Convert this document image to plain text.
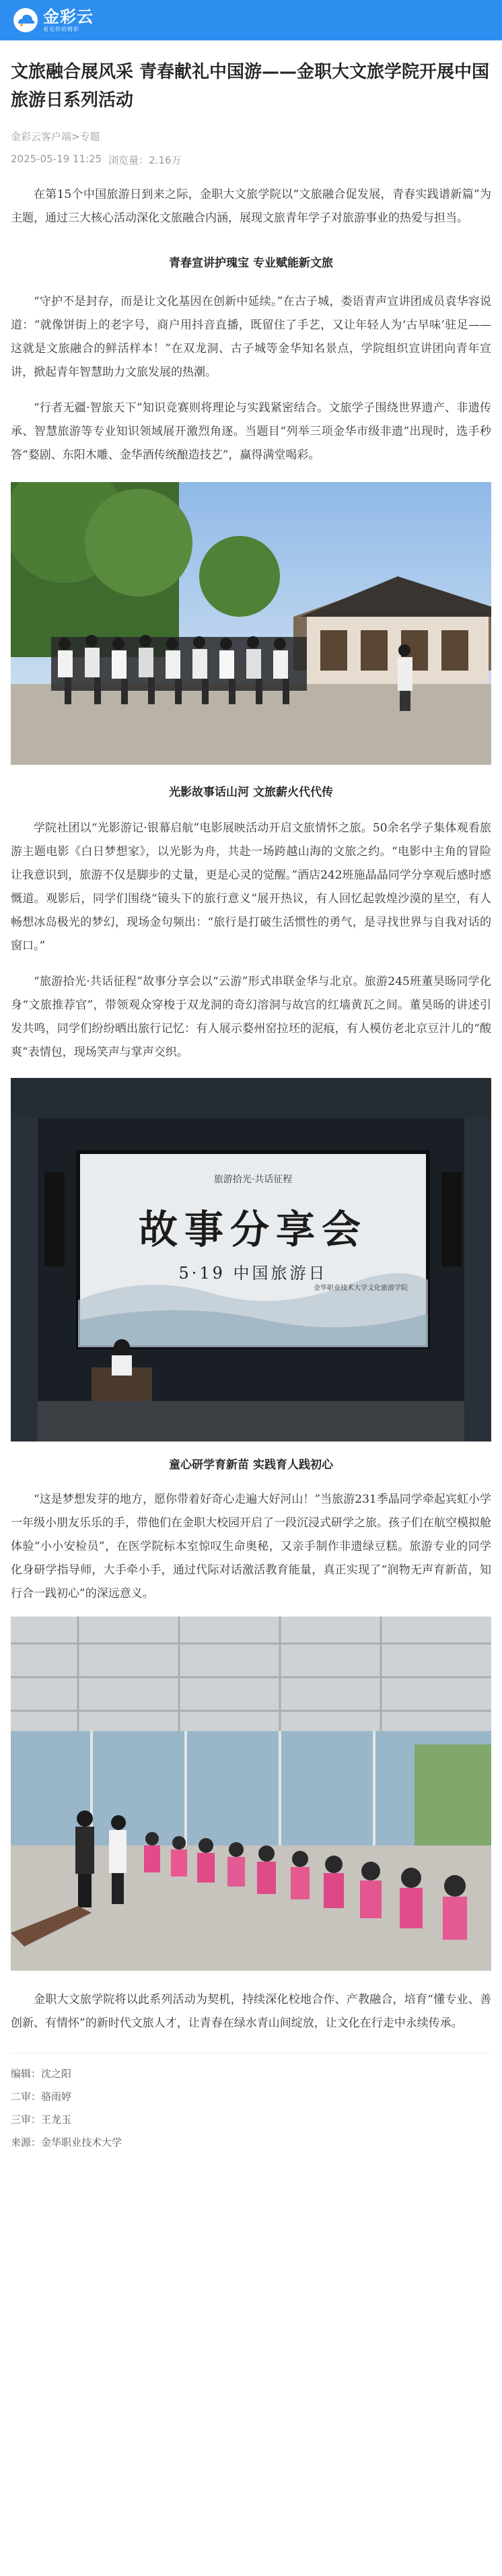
金彩云
看见你的精彩
文旅融合展风采 青春献礼中国游——金职大文旅学院开展中国旅游日系列活动
金彩云客户端>专题
2025-05-19 11:25 浏览量：2.16万

在第15个中国旅游日到来之际，金职大文旅学院以“文旅融合促发展，青春实践谱新篇”为主题，通过三大核心活动深化文旅融合内涵，展现文旅青年学子对旅游事业的热爱与担当。

青春宣讲护瑰宝 专业赋能新文旅

“守护不是封存，而是让文化基因在创新中延续。”在古子城，娄语青声宣讲团成员袁华容说道：“就像饼街上的老字号，商户用抖音直播，既留住了手艺，又让年轻人为‘古早味’驻足——这就是文旅融合的鲜活样本！”在双龙洞、古子城等金华知名景点，学院组织宣讲团向青年宣讲，掀起青年智慧助力文旅发展的热潮。

“行者无疆·智旅天下”知识竞赛则将理论与实践紧密结合。文旅学子围绕世界遗产、非遗传承、智慧旅游等专业知识领域展开激烈角逐。当题目“列举三项金华市级非遗”出现时，选手秒答“婺剧、东阳木雕、金华酒传统酿造技艺”，赢得满堂喝彩。

光影故事话山河 文旅薪火代代传

学院社团以“光影游记·银幕启航”电影展映活动开启文旅情怀之旅。50余名学子集体观看旅游主题电影《白日梦想家》，以光影为舟，共赴一场跨越山海的文旅之约。“电影中主角的冒险让我意识到，旅游不仅是脚步的丈量，更是心灵的觉醒。”酒店242班施晶晶同学分享观后感时感慨道。观影后，同学们围绕“镜头下的旅行意义”展开热议，有人回忆起敦煌沙漠的星空，有人畅想冰岛极光的梦幻，现场金句频出：“旅行是打破生活惯性的勇气，是寻找世界与自我对话的窗口。”

“旅游拾光·共话征程”故事分享会以“云游”形式串联金华与北京。旅游245班董昊旸同学化身“文旅推荐官”，带领观众穿梭于双龙洞的奇幻溶洞与故宫的红墙黄瓦之间。董昊旸的讲述引发共鸣，同学们纷纷晒出旅行记忆：有人展示婺州窑拉坯的泥痕，有人模仿老北京豆汁儿的“酸爽”表情包，现场笑声与掌声交织。

旅游拾光·共话征程
故事分享会
5·19 中国旅游日
金华职业技术大学文化旅游学院
童心研学育新苗 实践育人践初心

“这是梦想发芽的地方，愿你带着好奇心走遍大好河山！”当旅游231季晶同学牵起宾虹小学一年级小朋友乐乐的手，带他们在金职大校园开启了一段沉浸式研学之旅。孩子们在航空模拟舱体验“小小安检员”，在医学院标本室惊叹生命奥秘，又亲手制作非遗绿豆糕。旅游专业的同学化身研学指导师，大手牵小手，通过代际对话激活教育能量，真正实现了“润物无声育新苗，知行合一践初心”的深远意义。

金职大文旅学院将以此系列活动为契机，持续深化校地合作、产教融合，培育“懂专业、善创新、有情怀”的新时代文旅人才，让青春在绿水青山间绽放，让文化在行走中永续传承。

编辑：沈之阳
二审：骆雨婷
三审：王龙玉
来源：金华职业技术大学
